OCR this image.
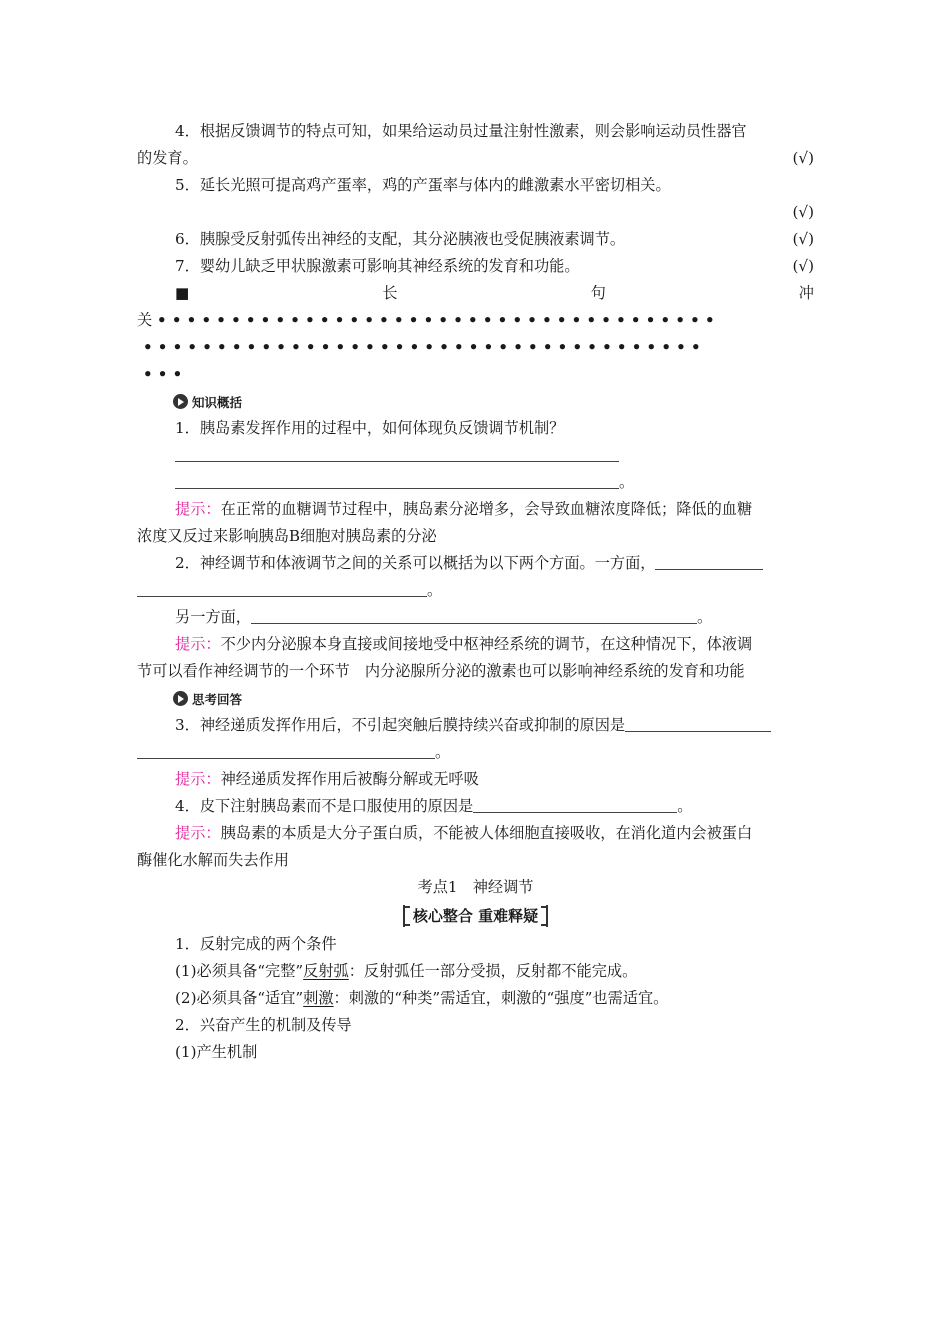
4．根据反馈调节的特点可知，如果给运动员过量注射性激素，则会影响运动员性器官
的发育。	(√)
5．延长光照可提高鸡产蛋率，鸡的产蛋率与体内的雌激素水平密切相关。
(√)
6．胰腺受反射弧传出神经的支配，其分泌胰液也受促胰液素调节。	(√)
7．婴幼儿缺乏甲状腺激素可影响其神经系统的发育和功能。	(√)
■	长	句	冲
关 • • • • • • • • • • • • • • • • • • • • • • • • • • • • • • • • • • • • • •
• • • • • • • • • • • • • • • • • • • • • • • • • • • • • • • • • • • • • •
• • •
知识概括
1．胰岛素发挥作用的过程中，如何体现负反馈调节机制？
。
提示：在正常的血糖调节过程中，胰岛素分泌增多，会导致血糖浓度降低；降低的血糖
浓度又反过来影响胰岛B细胞对胰岛素的分泌
2．神经调节和体液调节之间的关系可以概括为以下两个方面。一方面，
。
另一方面，	。
提示：不少内分泌腺本身直接或间接地受中枢神经系统的调节，在这种情况下，体液调
节可以看作神经调节的一个环节　内分泌腺所分泌的激素也可以影响神经系统的发育和功能
思考回答
3．神经递质发挥作用后，不引起突触后膜持续兴奋或抑制的原因是
。
提示：神经递质发挥作用后被酶分解或无呼吸
4．皮下注射胰岛素而不是口服使用的原因是	。
提示：胰岛素的本质是大分子蛋白质，不能被人体细胞直接吸收，在消化道内会被蛋白
酶催化水解而失去作用
考点1　神经调节
核心整合 重难释疑
1．反射完成的两个条件
(1)必须具备“完整”反射弧：反射弧任一部分受损，反射都不能完成。
(2)必须具备“适宜”刺激：刺激的“种类”需适宜，刺激的“强度”也需适宜。
2．兴奋产生的机制及传导
(1)产生机制
